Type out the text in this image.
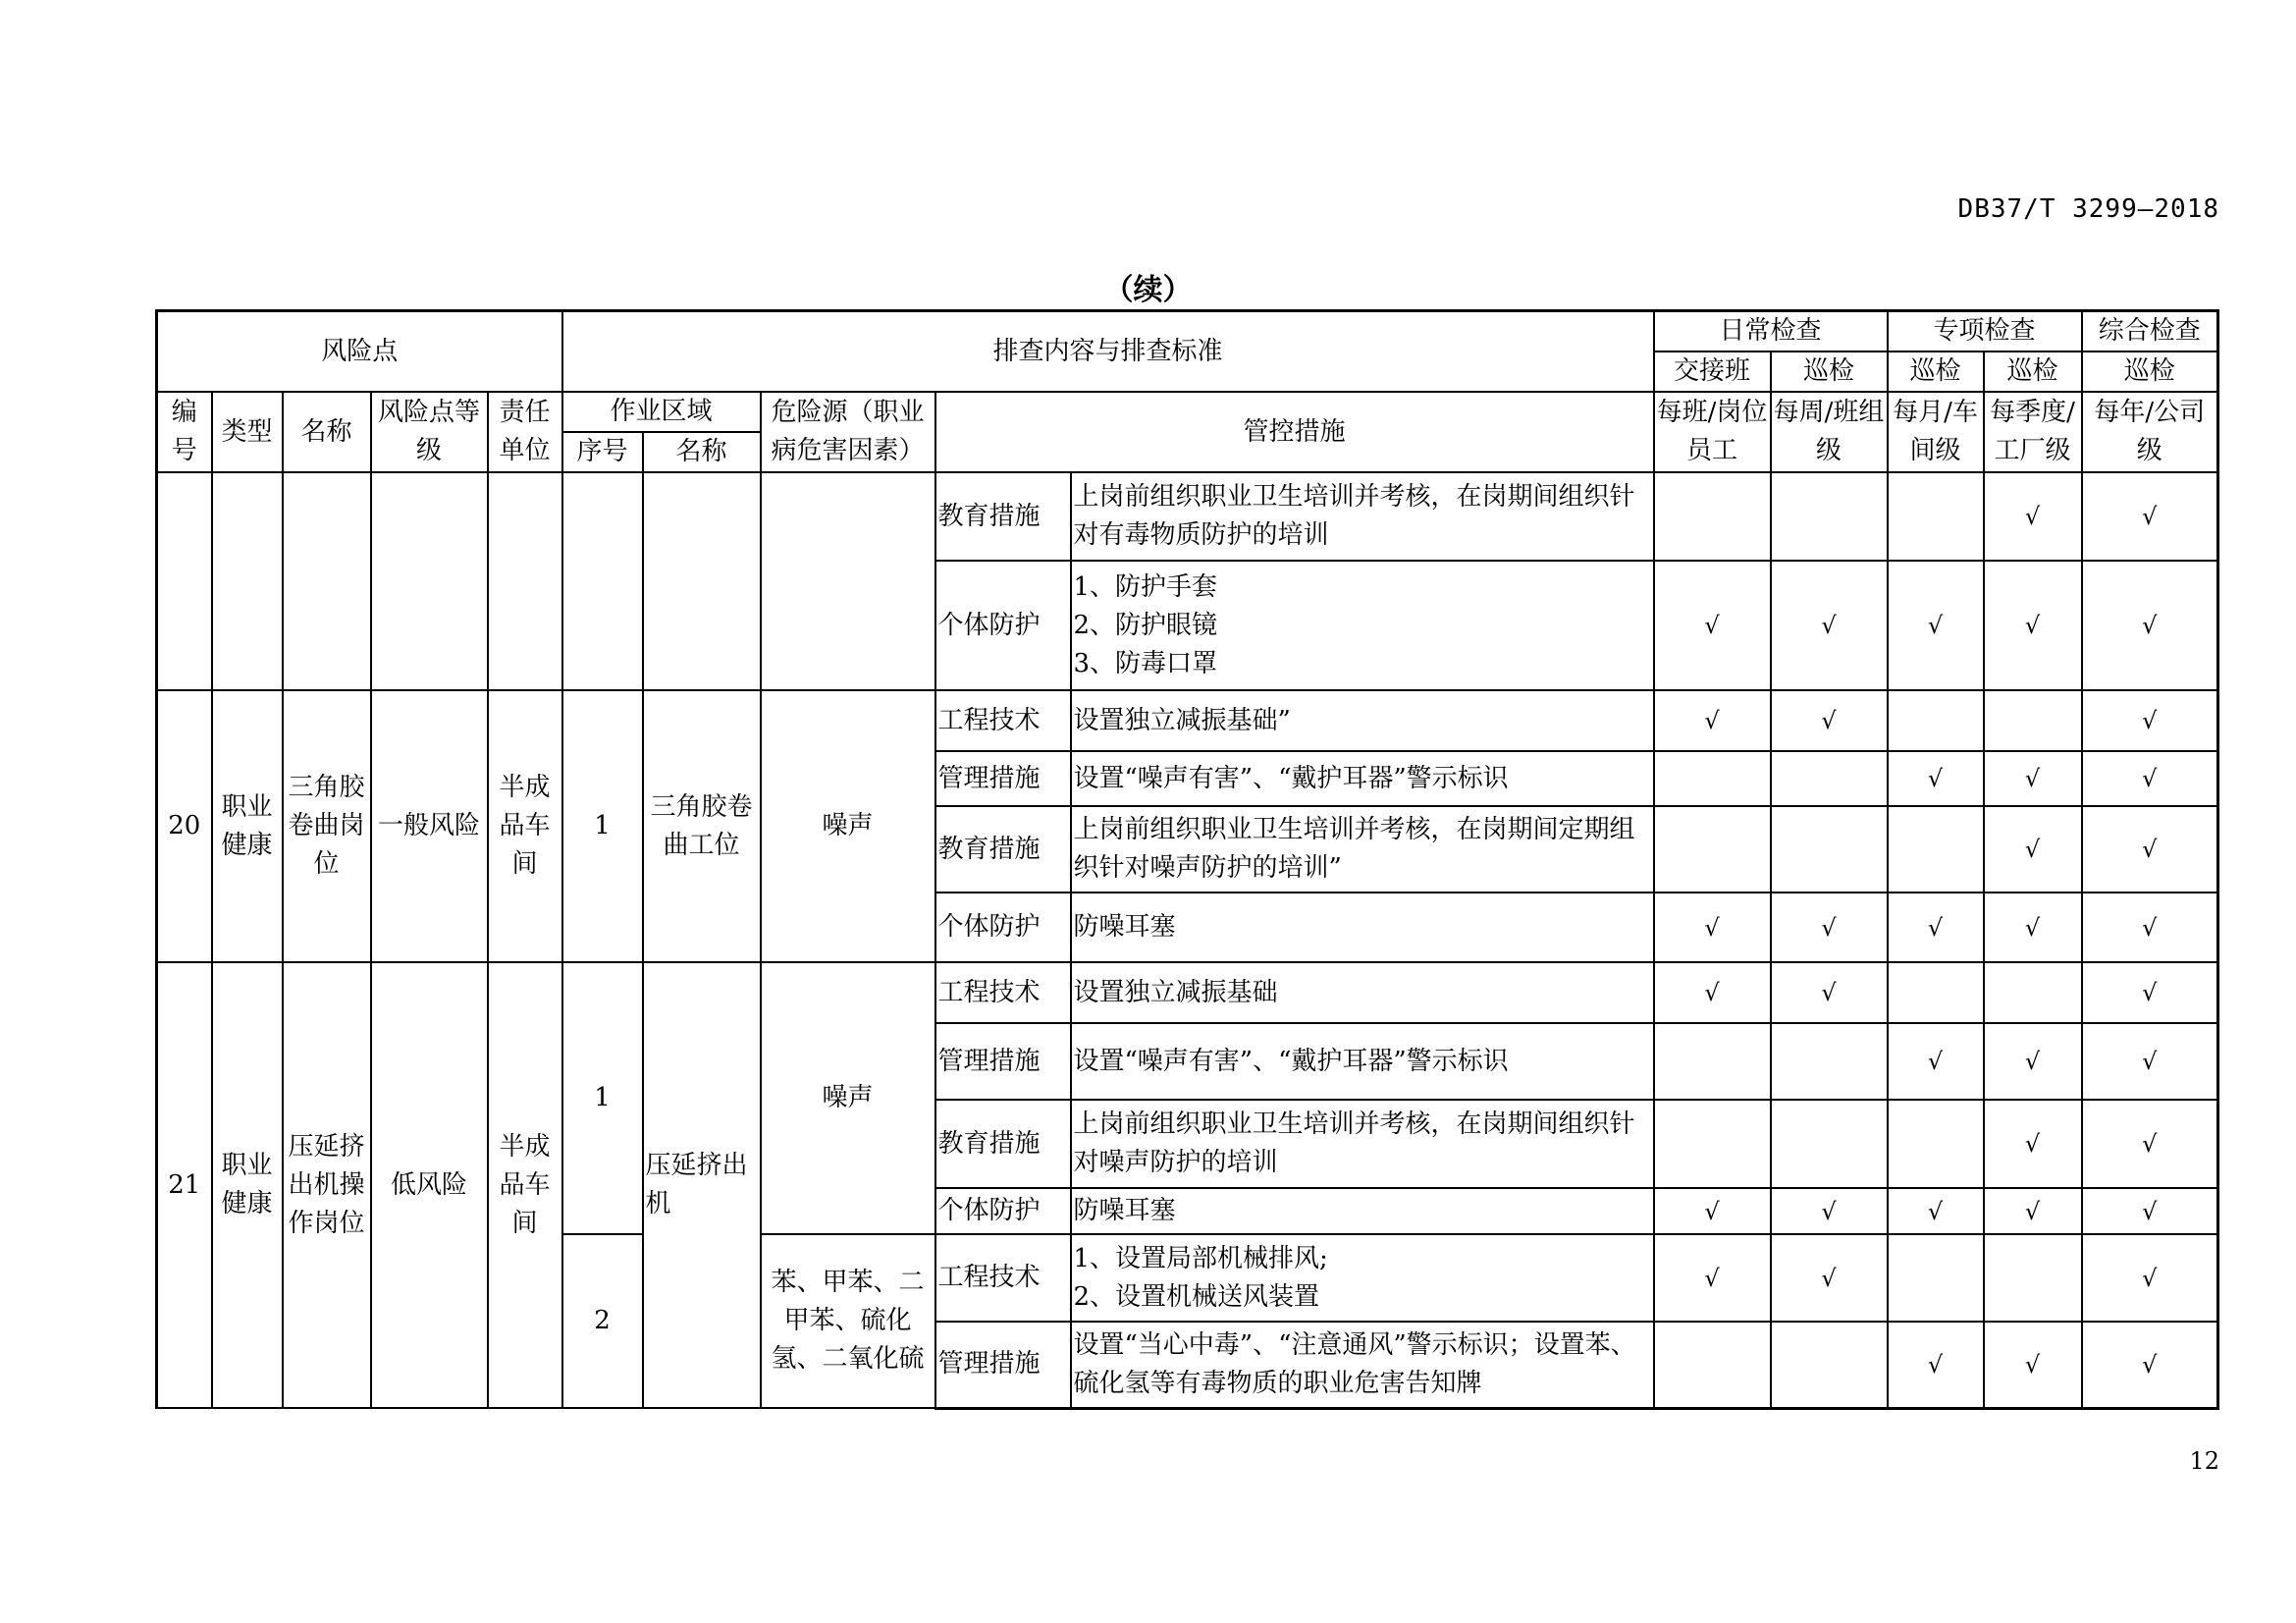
DB37/T 3299—2018
（续）
风险点					排查内容与排查标准					日常检查		专项检查		综合检查
										交接班	巡检	巡检	巡检	巡检
编号	类型	名称	风险点等级	责任单位	作业区域		危险源（职业病危害因素）	管控措施		每班/岗位员工	每周/班组级	每月/车间级	每季度/工厂级	每年/公司级
					序号	名称								
								教育措施	上岗前组织职业卫生培训并考核，在岗期间组织针对有毒物质防护的培训				√	√
								个体防护	1、防护手套
2、防护眼镜
3、防毒口罩	√	√	√	√	√
20	职业健康	三角胶卷曲岗位	一般风险	半成品车间	1	三角胶卷曲工位	噪声	工程技术	设置独立减振基础”	√	√			√
								管理措施	设置“噪声有害”、“戴护耳器”警示标识			√	√	√
								教育措施	上岗前组织职业卫生培训并考核，在岗期间定期组织针对噪声防护的培训”				√	√
								个体防护	防噪耳塞	√	√	√	√	√
21	职业健康	压延挤出机操作岗位	低风险	半成品车间	1	压延挤出机	噪声	工程技术	设置独立减振基础	√	√			√
								管理措施	设置“噪声有害”、“戴护耳器”警示标识			√	√	√
								教育措施	上岗前组织职业卫生培训并考核，在岗期间组织针对噪声防护的培训				√	√
								个体防护	防噪耳塞	√	√	√	√	√
					2		苯、甲苯、二甲苯、硫化氢、二氧化硫	工程技术	1、设置局部机械排风;
2、设置机械送风装置	√	√			√
								管理措施	设置“当心中毒”、“注意通风”警示标识；设置苯、硫化氢等有毒物质的职业危害告知牌			√	√	√
12
